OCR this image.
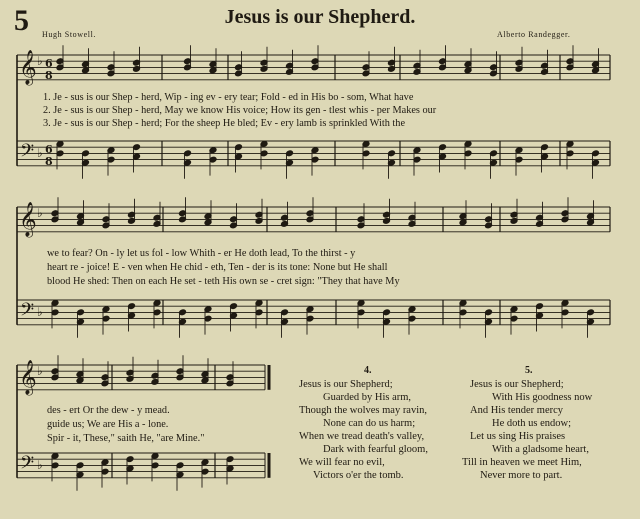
5	Jesus is our Shepherd.
Hugh Stowell.	Alberto Randegger.
𝄞
𝄢
♭
♭
6
8
6
8
𝄞
𝄢
♭
♭
𝄞
𝄢
♭
♭
1. Je - sus is our Shep - herd, Wip - ing ev - ery tear; Fold - ed in His bo - som, What have
2. Je - sus is our Shep - herd, May we know His voice; How its gen - tlest whis - per Makes our
3. Je - sus is our Shep - herd; For the sheep He bled; Ev - ery lamb is sprinkled With the
we to fear? On - ly let us fol - low Whith - er He doth lead, To the thirst - y
heart re - joice! E - ven when He chid - eth, Ten - der is its tone: None but He shall
blood He shed: Then on each He set - teth His own se - cret sign: "They that have My
des - ert Or the dew - y mead.
guide us; We are His a - lone.
Spir - it, These," saith He, "are Mine."
4.
Jesus is our Shepherd;
Guarded by His arm,
Though the wolves may ravin,
None can do us harm;
When we tread death's valley,
Dark with fearful gloom,
We will fear no evil,
Victors o'er the tomb.
5.
Jesus is our Shepherd;
With His goodness now
And His tender mercy
He doth us endow;
Let us sing His praises
With a gladsome heart,
Till in heaven we meet Him,
Never more to part.
